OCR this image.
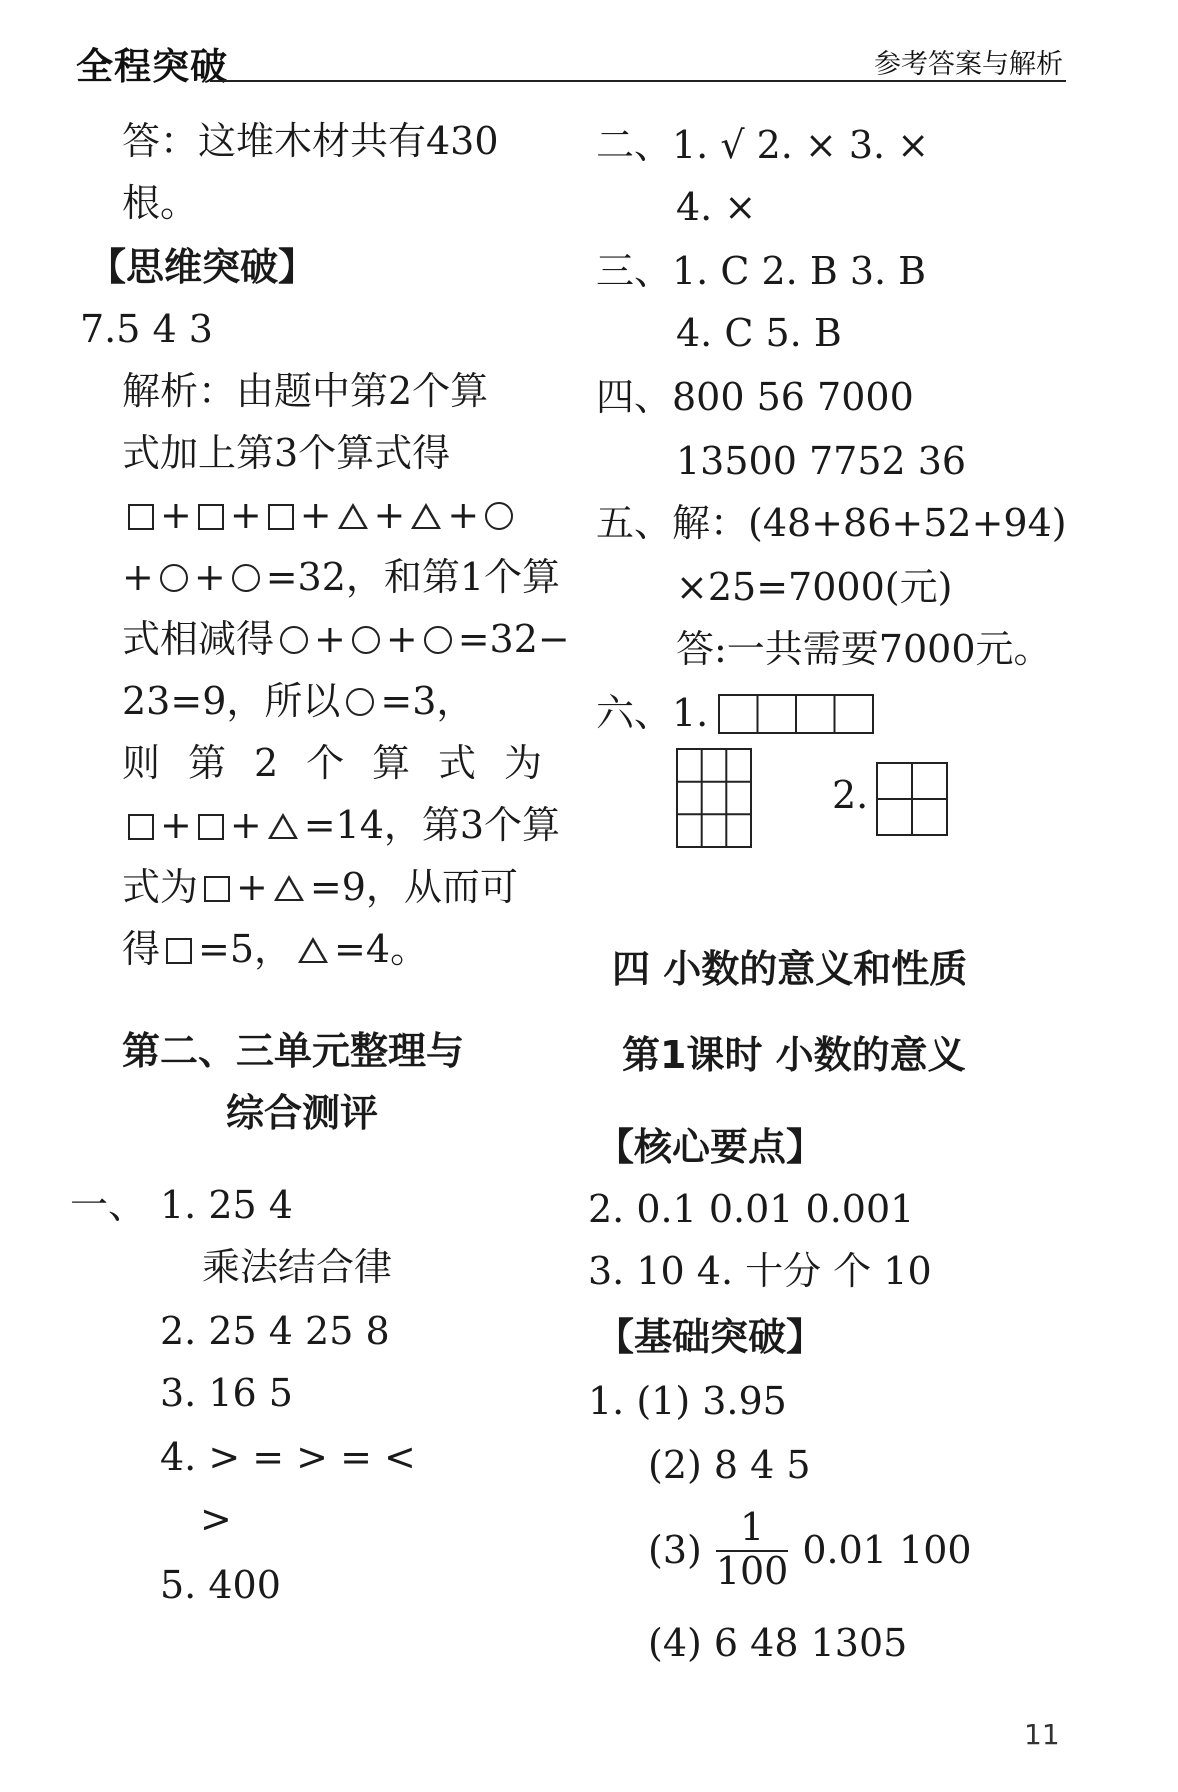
全程突破	参考答案与解析
答：这堆木材共有430
根。
【思维突破】
7.5 4 3
解析：由题中第2个算
式加上第3个算式得
+ + + + +
+ + =32，和第1个算
式相减得 + + =32−
23=9，所以 =3，
则 第 2 个 算 式 为
+ + =14，第3个算
式为 + =9，从而可
得 =5， =4。
第二、三单元整理与
综合测评
一、 1. 25 4
乘法结合律
2. 25 4 25 8
3. 16 5
4. > = > = <
>
5. 400
二、1. √ 2. × 3. ×
4. ×
三、1. C 2. B 3. B
4. C 5. B
四、800 56 7000
13500 7752 36
五、解：(48+86+52+94)
×25=7000(元)
答:一共需要7000元。
六、1.
2.
四 小数的意义和性质
第1课时 小数的意义
【核心要点】
2. 0.1 0.01 0.001
3. 10 4. 十分 个 10
【基础突破】
1. (1) 3.95
(2) 8 4 5
$(3) \frac{1}{100} 0.01$ 100
(4) 6 48 1305
11
